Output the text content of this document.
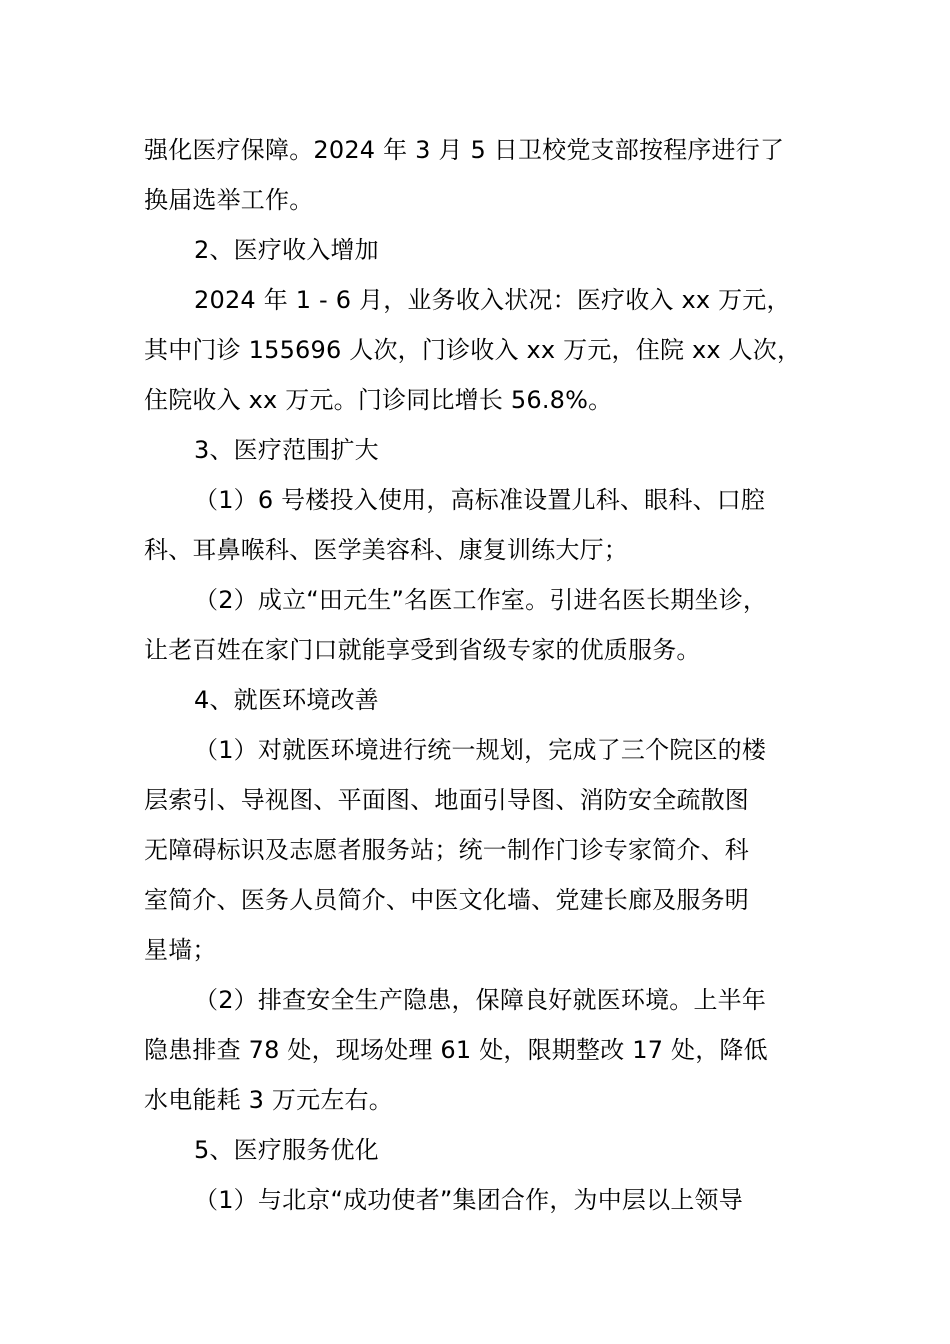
强化医疗保障。2024 年 3 月 5 日卫校党支部按程序进行了
换届选举工作。
2、医疗收入增加
2024 年 1 - 6 月，业务收入状况：医疗收入 xx 万元，
其中门诊 155696 人次，门诊收入 xx 万元，住院 xx 人次，
住院收入 xx 万元。门诊同比增长 56.8%。
3、医疗范围扩大
（1）6 号楼投入使用，高标准设置儿科、眼科、口腔
科、耳鼻喉科、医学美容科、康复训练大厅；
（2）成立“田元生”名医工作室。引进名医长期坐诊，
让老百姓在家门口就能享受到省级专家的优质服务。
4、就医环境改善
（1）对就医环境进行统一规划，完成了三个院区的楼
层索引、导视图、平面图、地面引导图、消防安全疏散图
无障碍标识及志愿者服务站；统一制作门诊专家简介、科
室简介、医务人员简介、中医文化墙、党建长廊及服务明
星墙；
（2）排查安全生产隐患，保障良好就医环境。上半年
隐患排查 78 处，现场处理 61 处，限期整改 17 处，降低
水电能耗 3 万元左右。
5、医疗服务优化
（1）与北京“成功使者”集团合作，为中层以上领导
